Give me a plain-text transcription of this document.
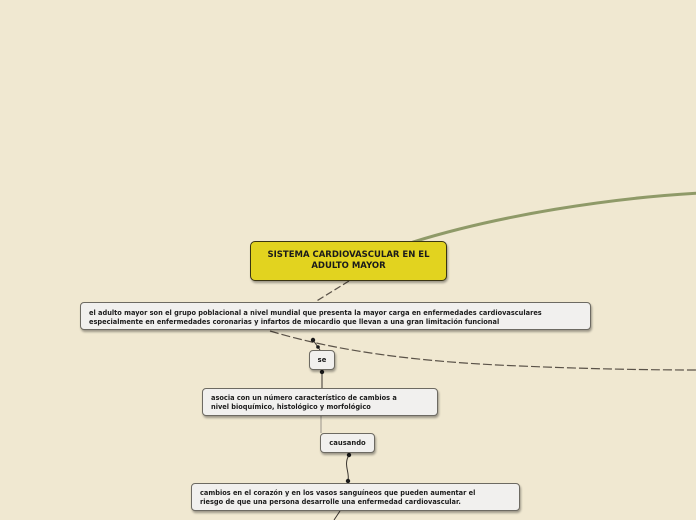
SISTEMA CARDIOVASCULAR EN EL
ADULTO MAYOR
el adulto mayor son el grupo poblacional a nivel mundial que presenta la mayor carga en enfermedades cardiovasculares
especialmente en enfermedades coronarias y infartos de miocardio que llevan a una gran limitación funcional
se
asocia con un número característico de cambios a
nivel bioquímico, histológico y morfológico
causando
cambios en el corazón y en los vasos sanguíneos que pueden aumentar el
riesgo de que una persona desarrolle una enfermedad cardiovascular.
